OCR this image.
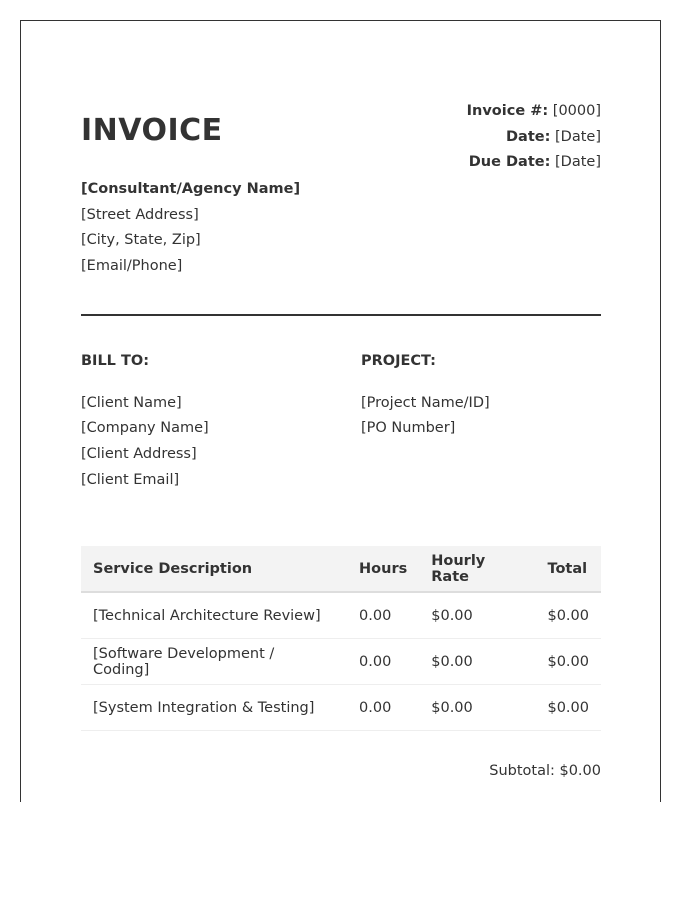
INVOICE
Invoice #: [0000]
Date: [Date]
Due Date: [Date]
[Consultant/Agency Name]
[Street Address]
[City, State, Zip]
[Email/Phone]
BILL TO:
[Client Name]
[Company Name]
[Client Address]
[Client Email]
PROJECT:
[Project Name/ID]
[PO Number]
Service Description	Hours	Hourly Rate	Total
[Technical Architecture Review]	0.00	$0.00	$0.00
[Software Development / Coding]	0.00	$0.00	$0.00
[System Integration & Testing]	0.00	$0.00	$0.00
Subtotal: $0.00
